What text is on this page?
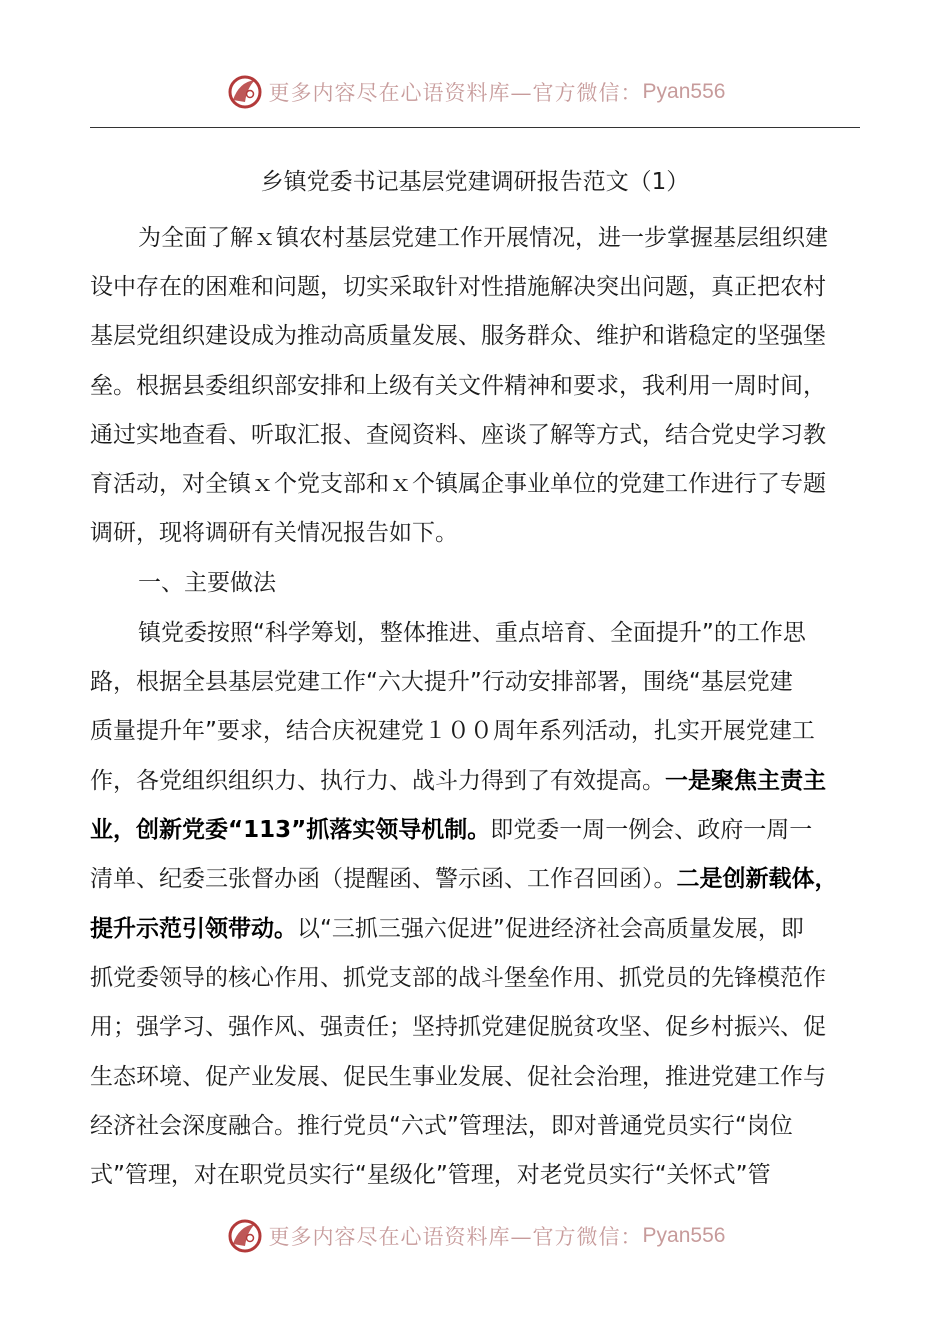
更多内容尽在心语资料库—官方微信： Pyan556
乡镇党委书记基层党建调研报告范文（1）
为全面了解ｘ镇农村基层党建工作开展情况，进一步掌握基层组织建
设中存在的困难和问题，切实采取针对性措施解决突出问题，真正把农村
基层党组织建设成为推动高质量发展、服务群众、维护和谐稳定的坚强堡
垒。根据县委组织部安排和上级有关文件精神和要求，我利用一周时间，
通过实地查看、听取汇报、查阅资料、座谈了解等方式，结合党史学习教
育活动，对全镇ｘ个党支部和ｘ个镇属企事业单位的党建工作进行了专题
调研，现将调研有关情况报告如下。
一、主要做法
镇党委按照“科学筹划，整体推进、重点培育、全面提升”的工作思
路，根据全县基层党建工作“六大提升”行动安排部署，围绕“基层党建
质量提升年”要求，结合庆祝建党１００周年系列活动，扎实开展党建工
作，各党组织组织力、执行力、战斗力得到了有效提高。一是聚焦主责主
业，创新党委“113”抓落实领导机制。即党委一周一例会、政府一周一
清单、纪委三张督办函（提醒函、警示函、工作召回函）。二是创新载体，
提升示范引领带动。以“三抓三强六促进”促进经济社会高质量发展，即
抓党委领导的核心作用、抓党支部的战斗堡垒作用、抓党员的先锋模范作
用；强学习、强作风、强责任；坚持抓党建促脱贫攻坚、促乡村振兴、促
生态环境、促产业发展、促民生事业发展、促社会治理，推进党建工作与
经济社会深度融合。推行党员“六式”管理法，即对普通党员实行“岗位
式”管理，对在职党员实行“星级化”管理，对老党员实行“关怀式”管
更多内容尽在心语资料库—官方微信： Pyan556
